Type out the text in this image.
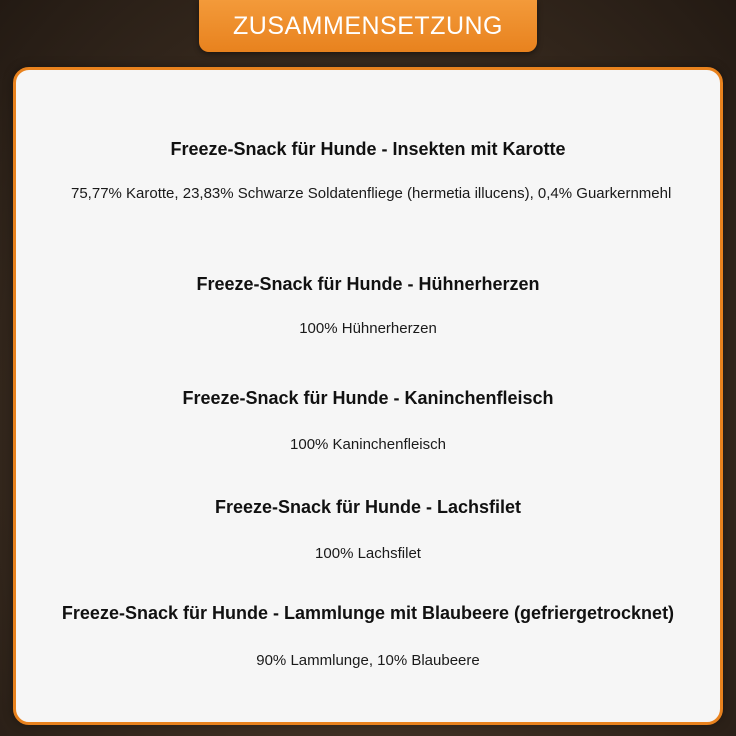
ZUSAMMENSETZUNG
Freeze-Snack für Hunde - Insekten mit Karotte

75,77% Karotte, 23,83% Schwarze Soldatenfliege (hermetia illucens), 0,4% Guarkernmehl

Freeze-Snack für Hunde - Hühnerherzen

100% Hühnerherzen

Freeze-Snack für Hunde - Kaninchenfleisch

100% Kaninchenfleisch

Freeze-Snack für Hunde - Lachsfilet

100% Lachsfilet

Freeze-Snack für Hunde - Lammlunge mit Blaubeere (gefriergetrocknet)

90% Lammlunge, 10% Blaubeere
